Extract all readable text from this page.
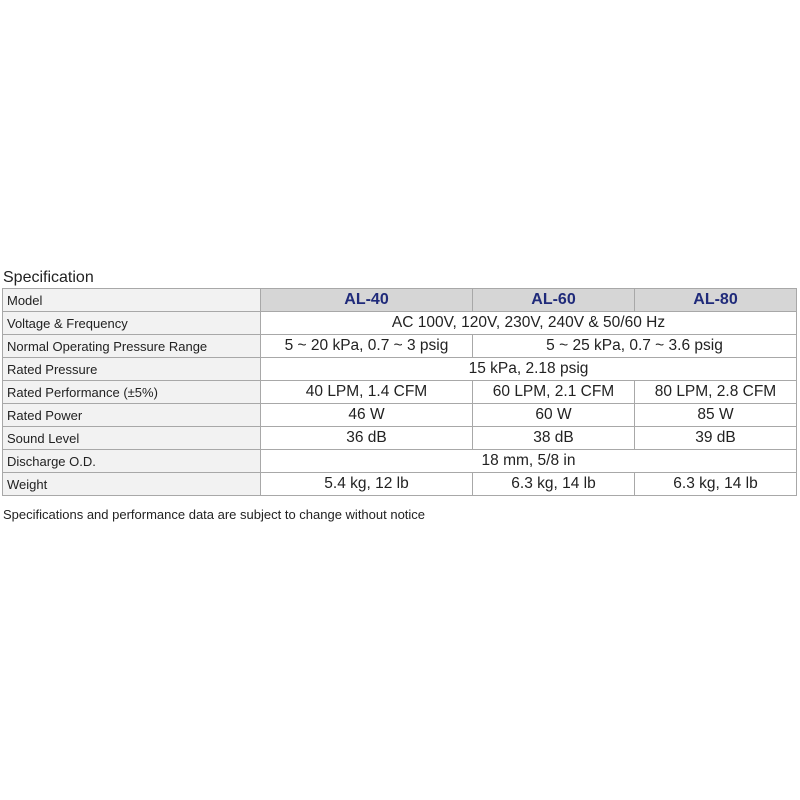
Specification
Model	AL-40	AL-60	AL-80
Voltage & Frequency	AC 100V, 120V, 230V, 240V & 50/60 Hz		
Normal Operating Pressure Range	5 ~ 20 kPa, 0.7 ~ 3 psig	5 ~ 25 kPa, 0.7 ~ 3.6 psig	
Rated Pressure	15 kPa, 2.18 psig		
Rated Performance (±5%)	40 LPM, 1.4 CFM	60 LPM, 2.1 CFM	80 LPM, 2.8 CFM
Rated Power	46 W	60 W	85 W
Sound Level	36 dB	38 dB	39 dB
Discharge O.D.	18 mm, 5/8 in		
Weight	5.4 kg, 12 lb	6.3 kg, 14 lb	6.3 kg, 14 lb
Specifications and performance data are subject to change without notice
